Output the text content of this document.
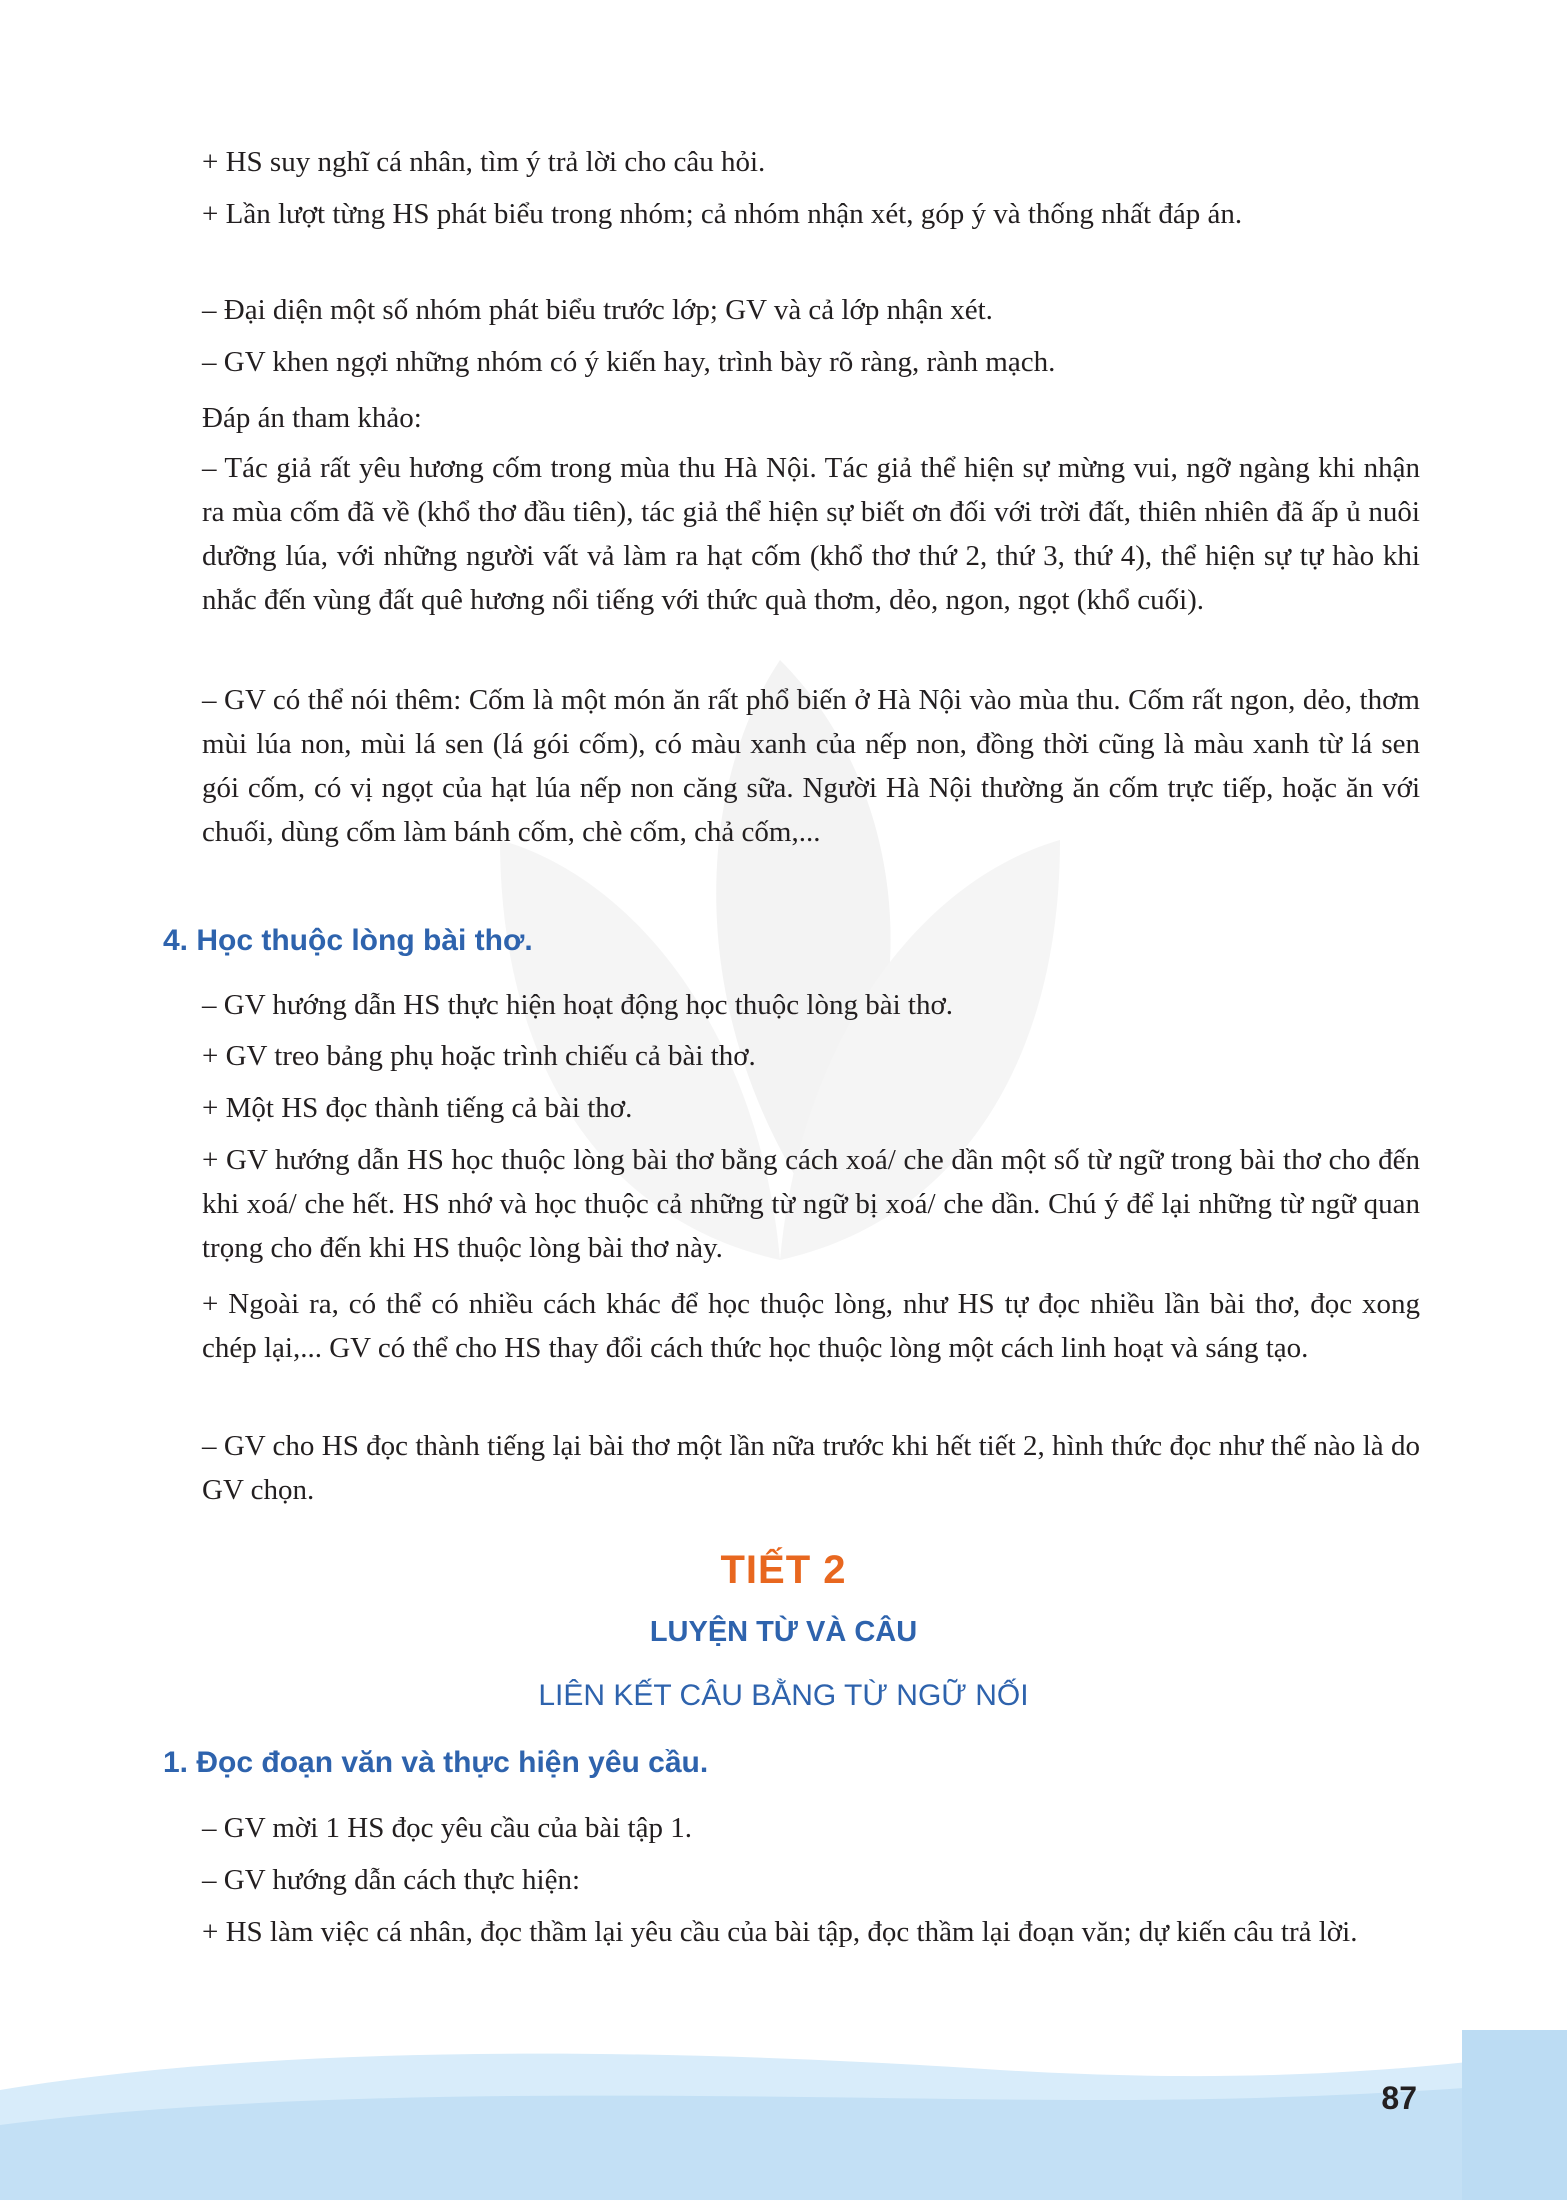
+ HS suy nghĩ cá nhân, tìm ý trả lời cho câu hỏi.

+ Lần lượt từng HS phát biểu trong nhóm; cả nhóm nhận xét, góp ý và thống nhất đáp án.

– Đại diện một số nhóm phát biểu trước lớp; GV và cả lớp nhận xét.

– GV khen ngợi những nhóm có ý kiến hay, trình bày rõ ràng, rành mạch.

Đáp án tham khảo:

– Tác giả rất yêu hương cốm trong mùa thu Hà Nội. Tác giả thể hiện sự mừng vui, ngỡ ngàng khi nhận ra mùa cốm đã về (khổ thơ đầu tiên), tác giả thể hiện sự biết ơn đối với trời đất, thiên nhiên đã ấp ủ nuôi dưỡng lúa, với những người vất vả làm ra hạt cốm (khổ thơ thứ 2, thứ 3, thứ 4), thể hiện sự tự hào khi nhắc đến vùng đất quê hương nổi tiếng với thức quà thơm, dẻo, ngon, ngọt (khổ cuối).

– GV có thể nói thêm: Cốm là một món ăn rất phổ biến ở Hà Nội vào mùa thu. Cốm rất ngon, dẻo, thơm mùi lúa non, mùi lá sen (lá gói cốm), có màu xanh của nếp non, đồng thời cũng là màu xanh từ lá sen gói cốm, có vị ngọt của hạt lúa nếp non căng sữa. Người Hà Nội thường ăn cốm trực tiếp, hoặc ăn với chuối, dùng cốm làm bánh cốm, chè cốm, chả cốm,...

4. Học thuộc lòng bài thơ.

– GV hướng dẫn HS thực hiện hoạt động học thuộc lòng bài thơ.

+ GV treo bảng phụ hoặc trình chiếu cả bài thơ.

+ Một HS đọc thành tiếng cả bài thơ.

+ GV hướng dẫn HS học thuộc lòng bài thơ bằng cách xoá/ che dần một số từ ngữ trong bài thơ cho đến khi xoá/ che hết. HS nhớ và học thuộc cả những từ ngữ bị xoá/ che dần. Chú ý để lại những từ ngữ quan trọng cho đến khi HS thuộc lòng bài thơ này.

+ Ngoài ra, có thể có nhiều cách khác để học thuộc lòng, như HS tự đọc nhiều lần bài thơ, đọc xong chép lại,... GV có thể cho HS thay đổi cách thức học thuộc lòng một cách linh hoạt và sáng tạo.

– GV cho HS đọc thành tiếng lại bài thơ một lần nữa trước khi hết tiết 2, hình thức đọc như thế nào là do GV chọn.

TIẾT 2
LUYỆN TỪ VÀ CÂU
LIÊN KẾT CÂU BẰNG TỪ NGỮ NỐI
1. Đọc đoạn văn và thực hiện yêu cầu.

– GV mời 1 HS đọc yêu cầu của bài tập 1.

– GV hướng dẫn cách thực hiện:

+ HS làm việc cá nhân, đọc thầm lại yêu cầu của bài tập, đọc thầm lại đoạn văn; dự kiến câu trả lời.

87
